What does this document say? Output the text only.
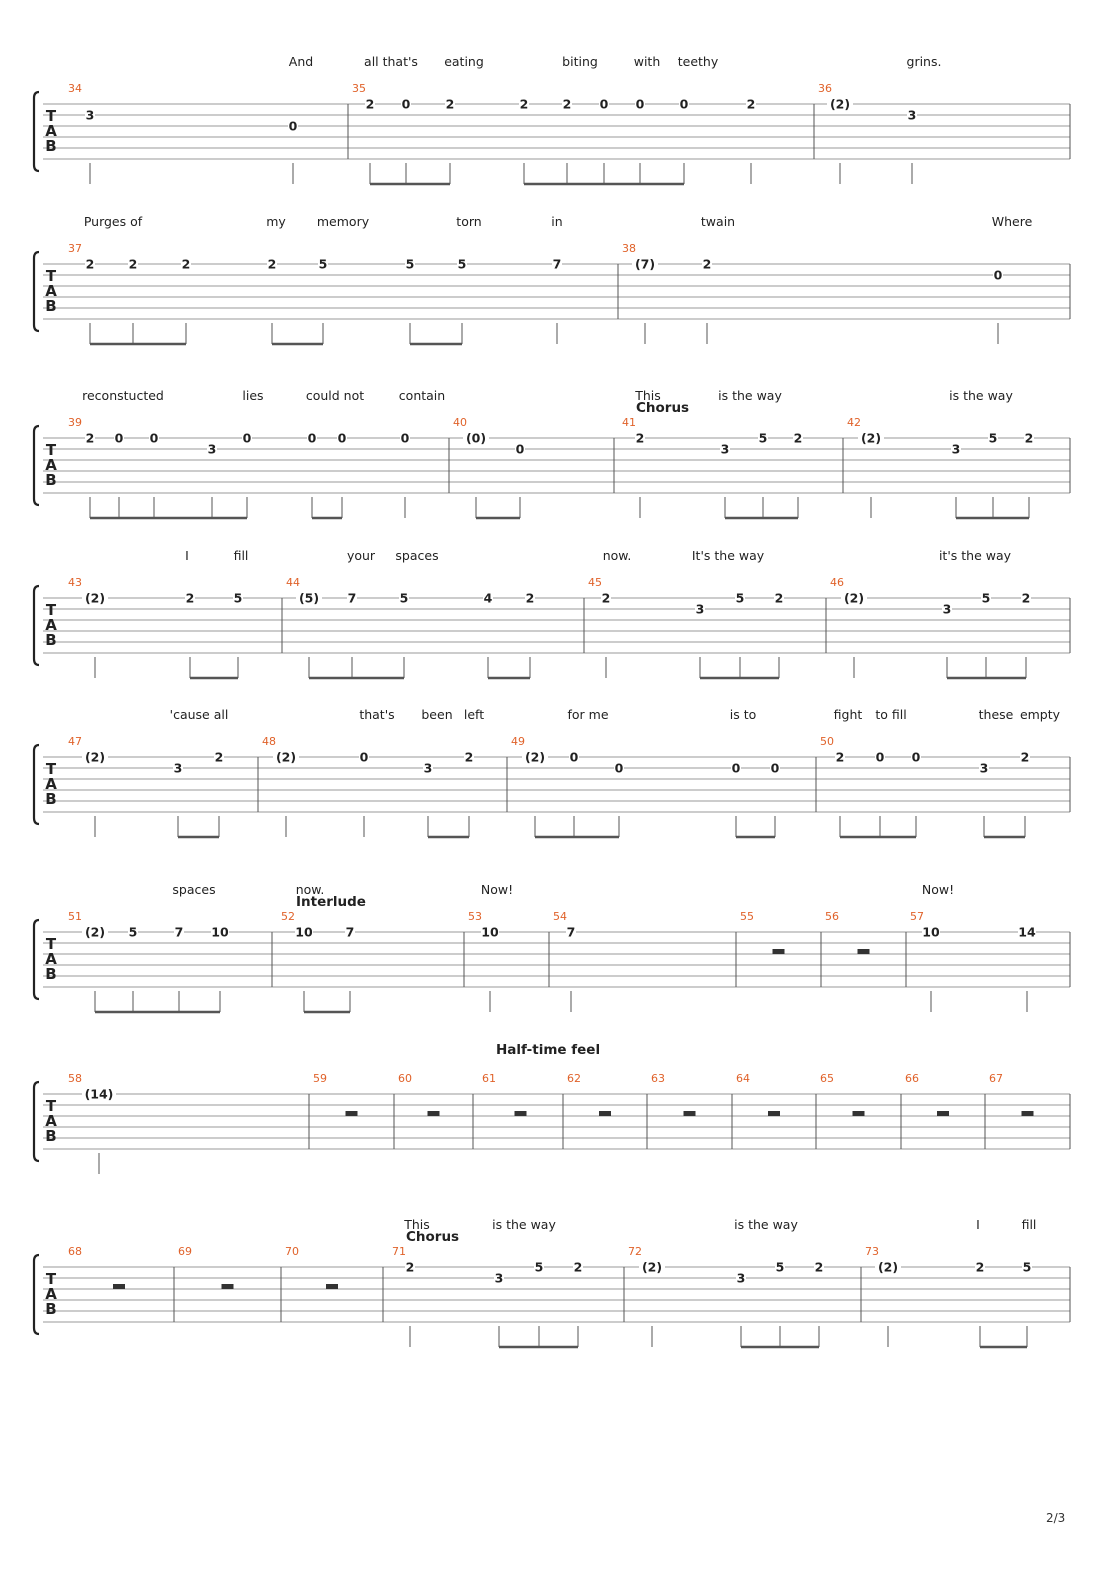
T
A
B
And	all that's eating	biting	with teethy	grins.
34
3
0
35
2 0	2	2	2 0 0	0	2
36
(2)
3
T
A
B
Purges of	my memory	torn	in	twain	Where
37
2	2	2	2	5	5	5	7
38
(7)	2
0
T
A
B
reconstucted	lies	could not	contain	This	is the way	is the way
Chorus
39
2 0 0
3
0	0 0	0
40
(0)
0
41
2
3
5 2
42
(2)
3
5 2
T
A
B
I	fill	your spaces	now.	It's the way	it's the way
43
(2)	2	5
44
(5) 7	5	4	2
45
2
3
5 2
46
(2)
3
5	2
T
A
B
'cause all	that's been left	for me	is to	fight to fill	these empty
47
(2)
3
2
48
(2)	0
3
2
49
(2) 0
0	0 0
50
2	0 0
3
2
T
A
B
spaces	now.	Now!	Now!
Interlude
51
(2) 5	7 10
52
10	7
53
10
54
7
55	56	57
10	14
T
A
B
Half-time feel
58
(14)
59	60	61	62	63	64	65	66	67
T
A
B
This	is the way	is the way	I	fill
Chorus
68	69	70	71
2
3
5 2
72
(2)
3
5 2
73
(2)	2	5
2/3
